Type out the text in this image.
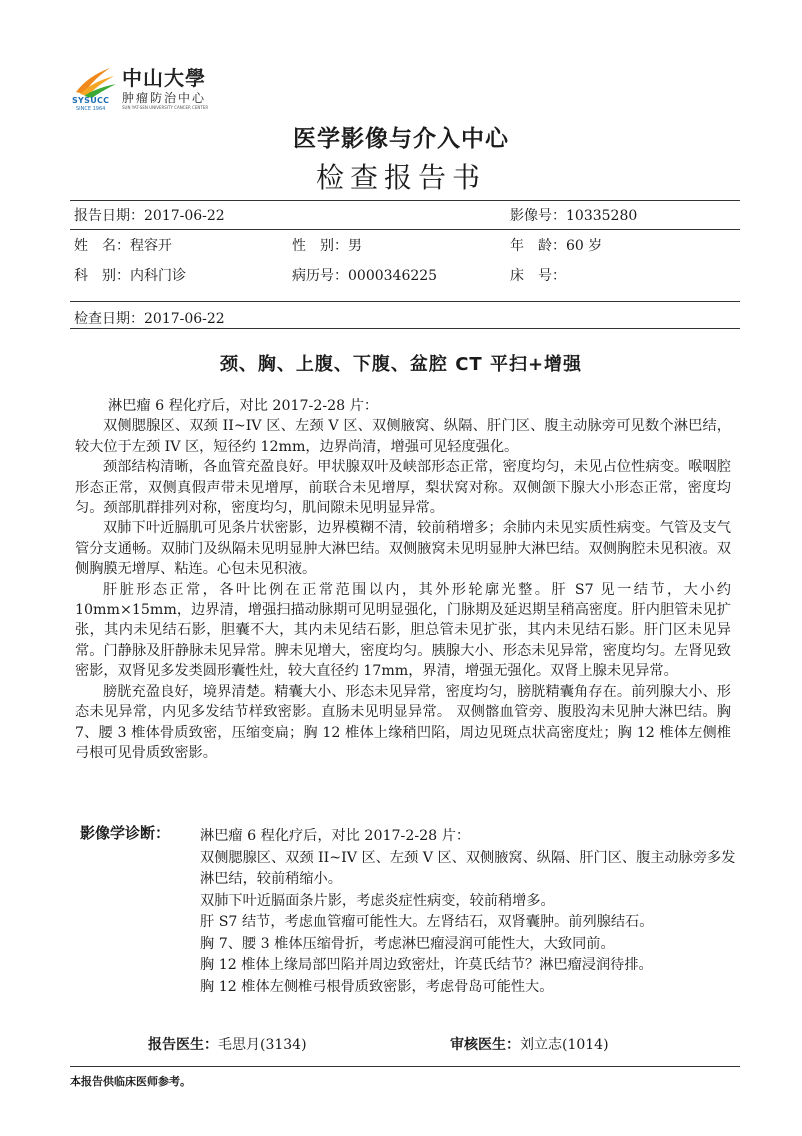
SYSUCC
SINCE 1964
中山大學
肿瘤防治中心
SUN YAT-SEN UNIVERSITY CANCER CENTER
医学影像与介入中心
检查报告书
报告日期：2017-06-22	影像号：10335280
姓　名：程容开	性　别：男	年　龄：60 岁
科　别：内科门诊	病历号：0000346225	床　号：
检查日期：2017-06-22
颈、胸、上腹、下腹、盆腔 CT 平扫+增强

淋巴瘤 6 程化疗后，对比 2017-2-28 片：

双侧腮腺区、双颈 II~IV 区、左颈 V 区、双侧腋窝、纵隔、肝门区、腹主动脉旁可见数个淋巴结，较大位于左颈 IV 区，短径约 12mm，边界尚清，增强可见轻度强化。

颈部结构清晰，各血管充盈良好。甲状腺双叶及峡部形态正常，密度均匀，未见占位性病变。喉咽腔形态正常，双侧真假声带未见增厚，前联合未见增厚，梨状窝对称。双侧颌下腺大小形态正常，密度均匀。颈部肌群排列对称，密度均匀，肌间隙未见明显异常。

双肺下叶近膈肌可见条片状密影，边界模糊不清，较前稍增多；余肺内未见实质性病变。气管及支气管分支通畅。双肺门及纵隔未见明显肿大淋巴结。双侧腋窝未见明显肿大淋巴结。双侧胸腔未见积液。双侧胸膜无增厚、粘连。心包未见积液。

肝脏形态正常，各叶比例在正常范围以内，其外形轮廓光整。肝 S7 见一结节，大小约 10mm×15mm，边界清，增强扫描动脉期可见明显强化，门脉期及延迟期呈稍高密度。肝内胆管未见扩张，其内未见结石影，胆囊不大，其内未见结石影，胆总管未见扩张，其内未见结石影。肝门区未见异常。门静脉及肝静脉未见异常。脾未见增大，密度均匀。胰腺大小、形态未见异常，密度均匀。左肾见致密影，双肾见多发类圆形囊性灶，较大直径约 17mm，界清，增强无强化。双肾上腺未见异常。

膀胱充盈良好，境界清楚。精囊大小、形态未见异常，密度均匀，膀胱精囊角存在。前列腺大小、形态未见异常，内见多发结节样致密影。直肠未见明显异常。 双侧髂血管旁、腹股沟未见肿大淋巴结。胸 7、腰 3 椎体骨质致密，压缩变扁；胸 12 椎体上缘稍凹陷，周边见斑点状高密度灶；胸 12 椎体左侧椎弓根可见骨质致密影。

影像学诊断： 淋巴瘤 6 程化疗后，对比 2017-2-28 片：

双侧腮腺区、双颈 II~IV 区、左颈 V 区、双侧腋窝、纵隔、肝门区、腹主动脉旁多发淋巴结，较前稍缩小。

双肺下叶近膈面条片影，考虑炎症性病变，较前稍增多。

肝 S7 结节，考虑血管瘤可能性大。左肾结石，双肾囊肿。前列腺结石。

胸 7、腰 3 椎体压缩骨折，考虑淋巴瘤浸润可能性大，大致同前。

胸 12 椎体上缘局部凹陷并周边致密灶，许莫氏结节？淋巴瘤浸润待排。

胸 12 椎体左侧椎弓根骨质致密影，考虑骨岛可能性大。

报告医生：毛思月(3134)	审核医生：刘立志(1014)
本报告供临床医师参考。
